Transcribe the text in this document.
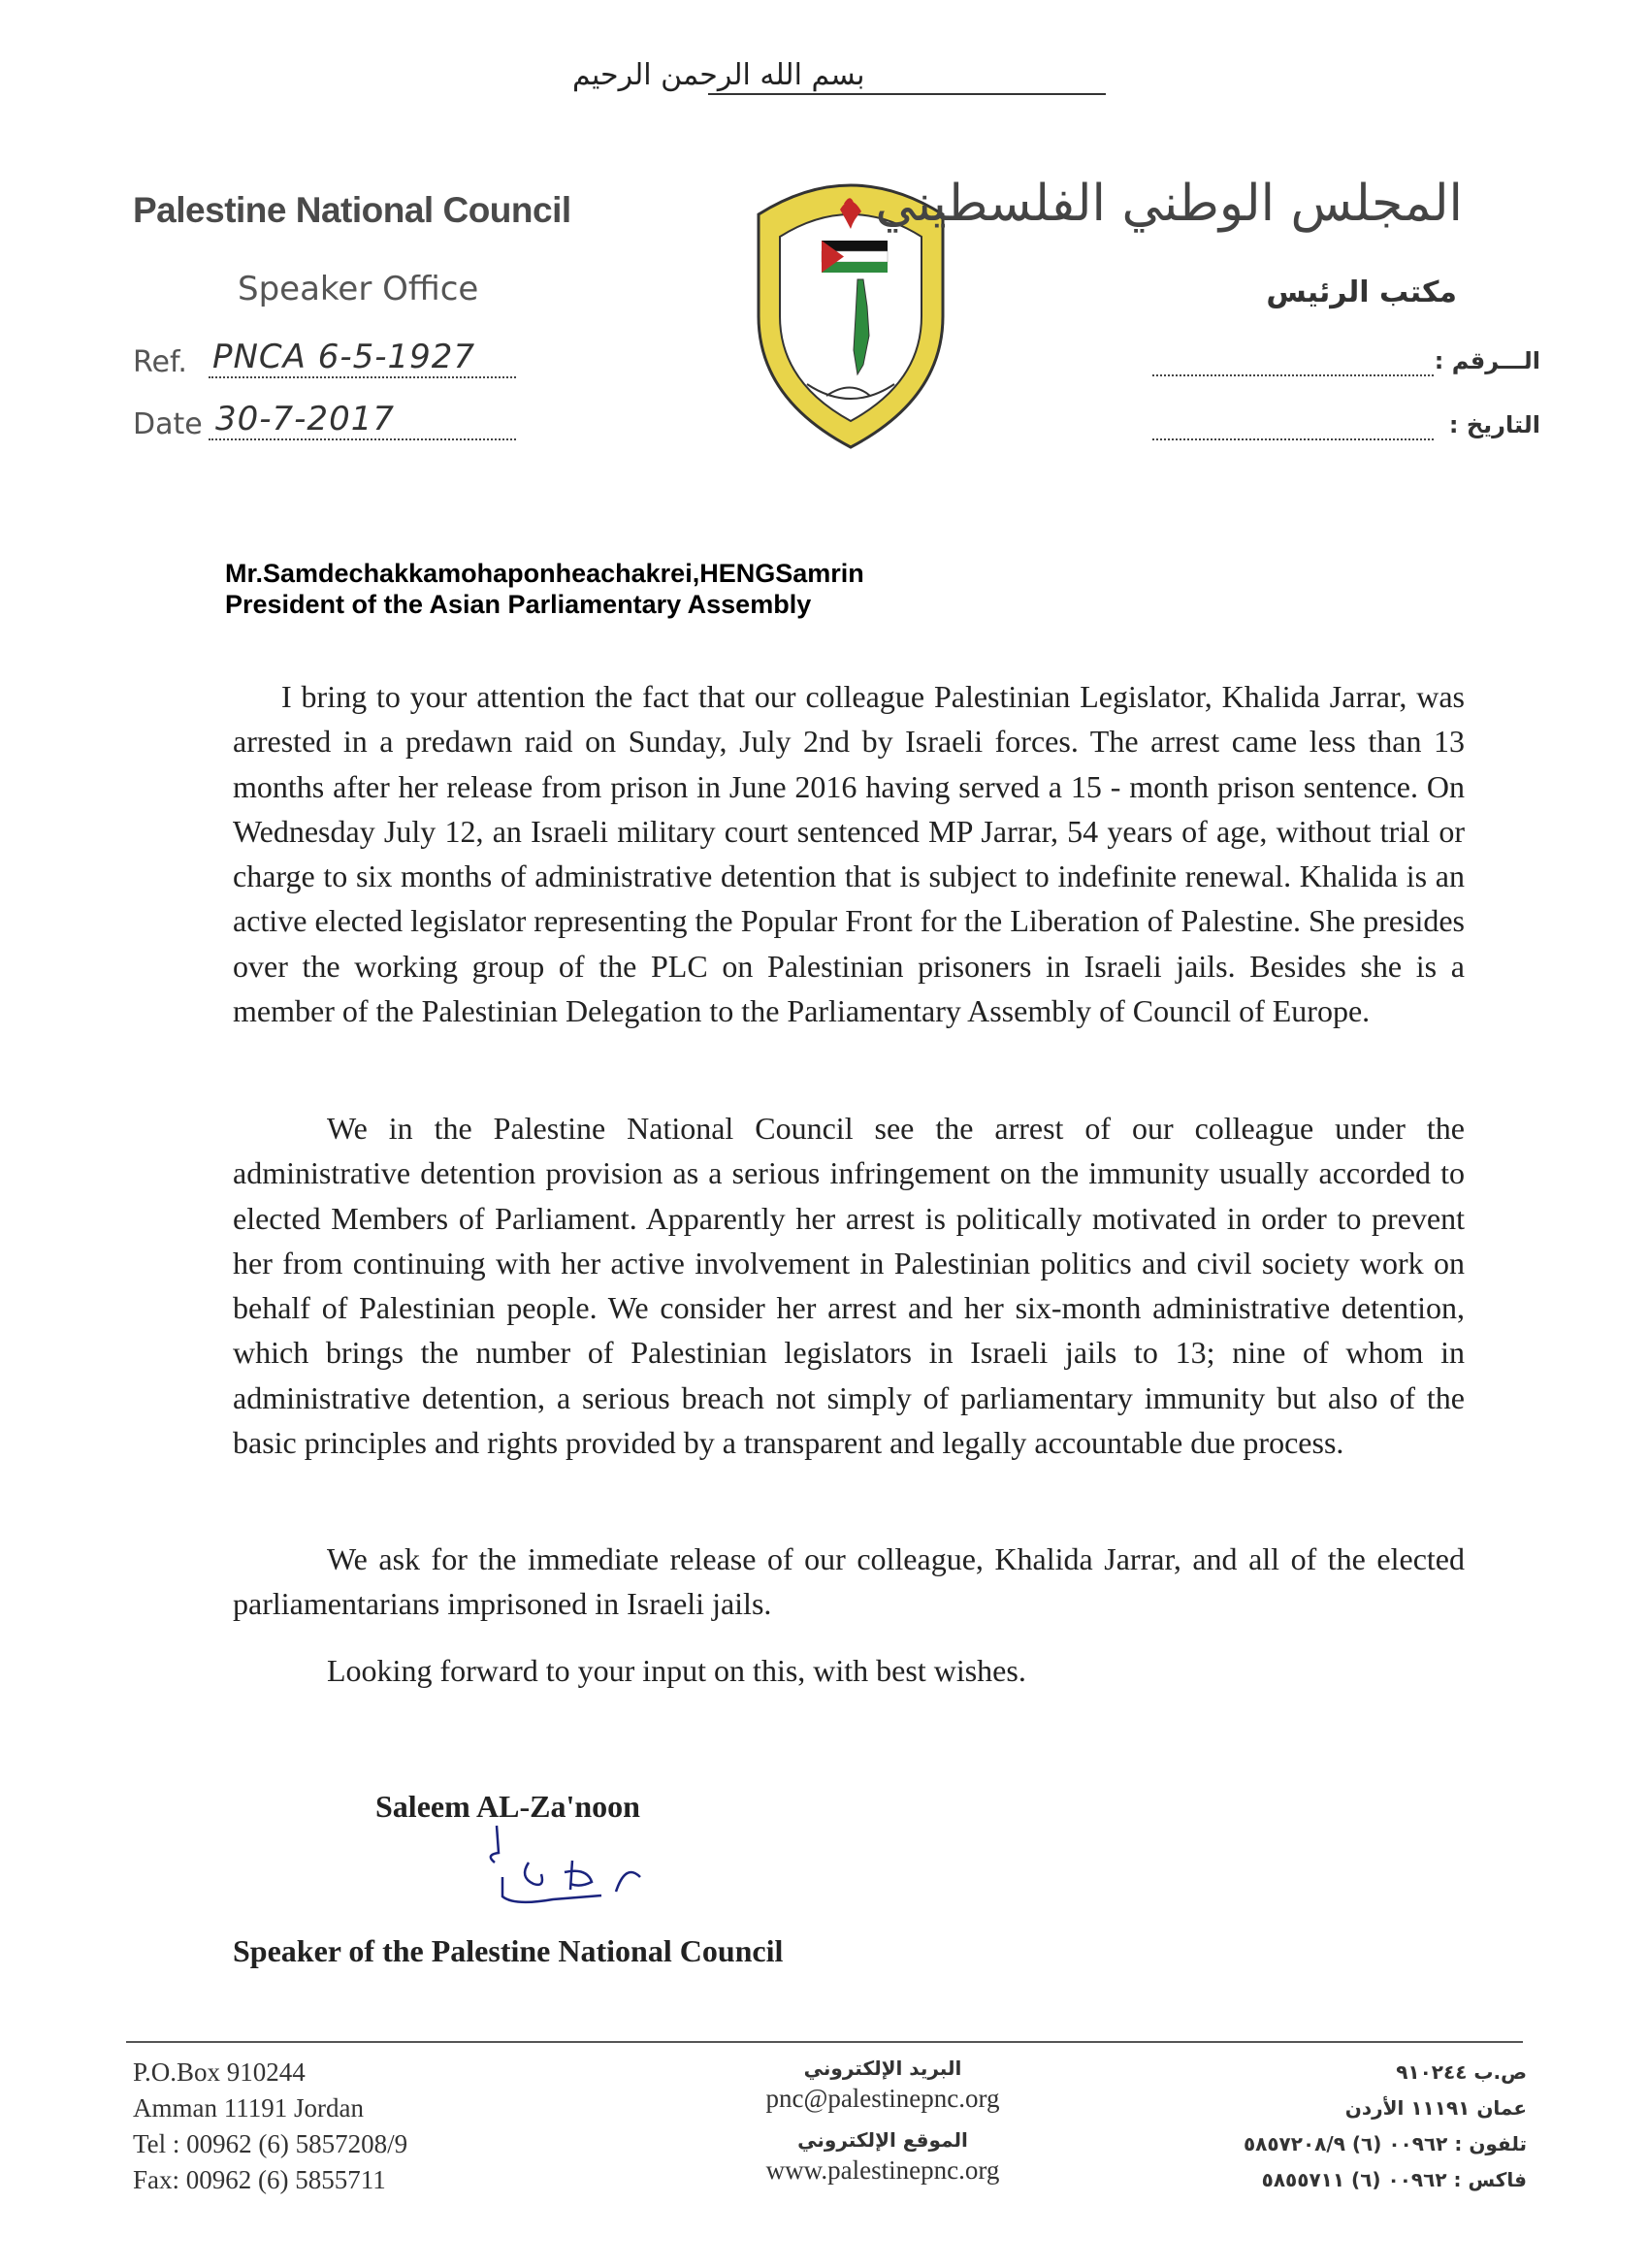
بسم الله الرحمن الرحيم
Palestine National Council
Speaker Office
Ref. PNCA 6-5-1927
Date 30-7-2017
المجلس الوطني الفلسطيني
مكتب الرئيس
الـــرقم :
التاريخ :
Mr.Samdechakkamohaponheachakrei,HENGSamrin
President of the Asian Parliamentary Assembly

I bring to your attention the fact that our colleague Palestinian Legislator, Khalida Jarrar, was arrested in a predawn raid on Sunday, July 2nd by Israeli forces. The arrest came less than 13 months after her release from prison in June 2016 having served a 15 - month prison sentence. On Wednesday July 12, an Israeli military court sentenced MP Jarrar, 54 years of age, without trial or charge to six months of administrative detention that is subject to indefinite renewal. Khalida is an active elected legislator representing the Popular Front for the Liberation of Palestine. She presides over the working group of the PLC on Palestinian prisoners in Israeli jails. Besides she is a member of the Palestinian Delegation to the Parliamentary Assembly of Council of Europe.

We in the Palestine National Council see the arrest of our colleague under the administrative detention provision as a serious infringement on the immunity usually accorded to elected Members of Parliament. Apparently her arrest is politically motivated in order to prevent her from continuing with her active involvement in Palestinian politics and civil society work on behalf of Palestinian people. We consider her arrest and her six-month administrative detention, which brings the number of Palestinian legislators in Israeli jails to 13; nine of whom in administrative detention, a serious breach not simply of parliamentary immunity but also of the basic principles and rights provided by a transparent and legally accountable due process.

We ask for the immediate release of our colleague, Khalida Jarrar, and all of the elected parliamentarians imprisoned in Israeli jails.

Looking forward to your input on this, with best wishes.

Saleem AL-Za'noon
Speaker of the Palestine National Council
P.O.Box 910244
Amman 11191 Jordan
Tel : 00962 (6) 5857208/9
Fax: 00962 (6) 5855711
البريد الإلكتروني
pnc@palestinepnc.org
الموقع الإلكتروني
www.palestinepnc.org
ص.ب ٩١٠٢٤٤
عمان ١١١٩١ الأردن
تلفون : ٠٠٩٦٢ (٦) ٥٨٥٧٢٠٨/٩
فاكس : ٠٠٩٦٢ (٦) ٥٨٥٥٧١١
